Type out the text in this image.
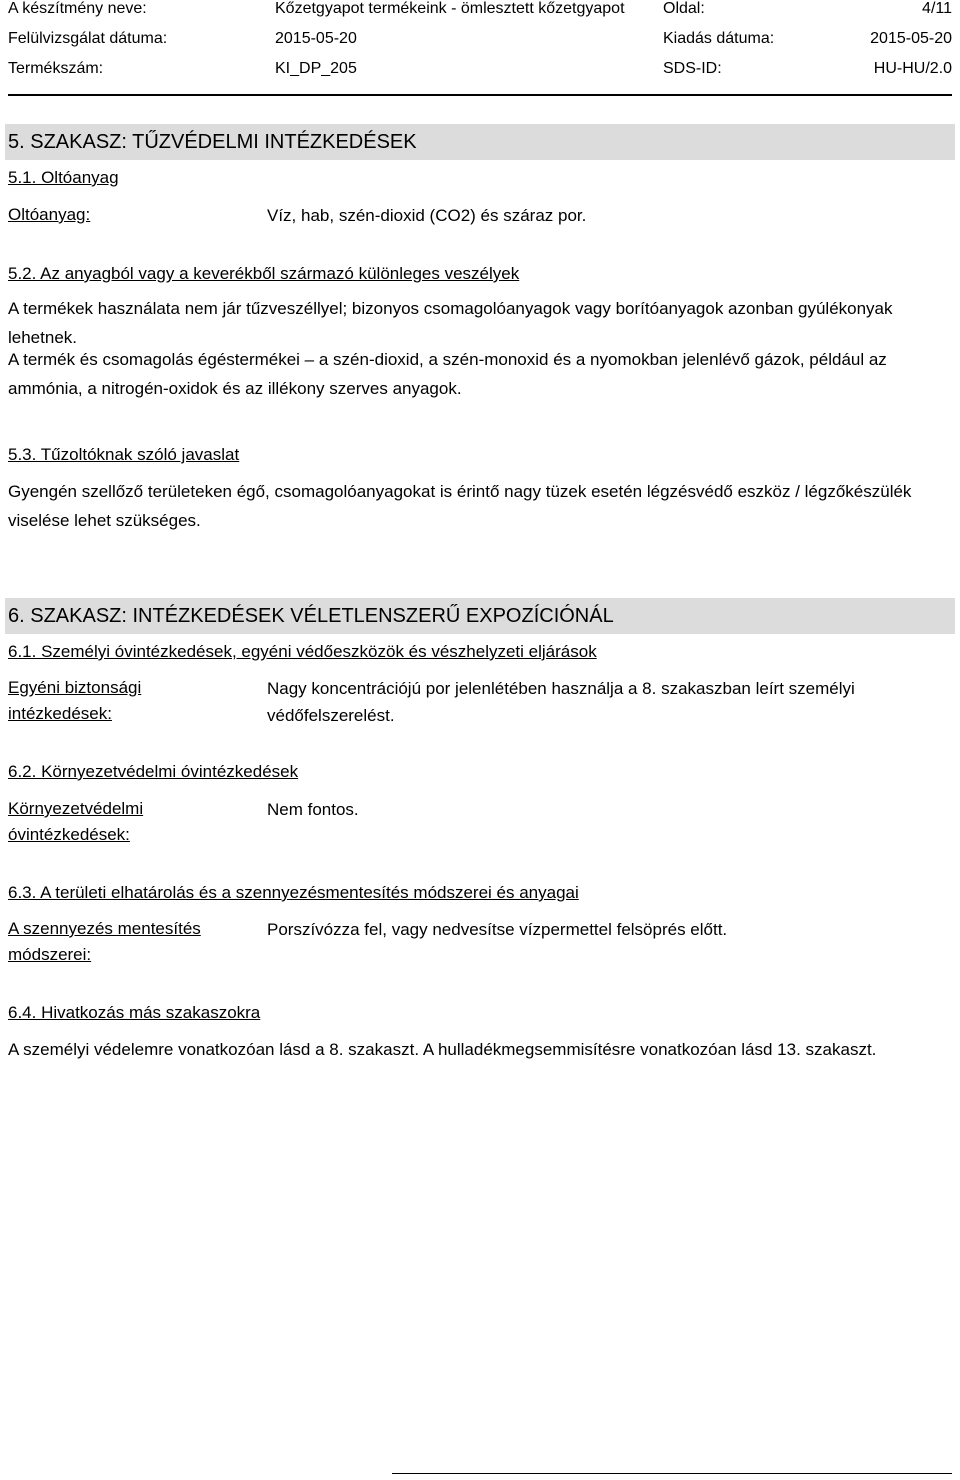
A készítmény neve:	Kőzetgyapot termékeink - ömlesztett kőzetgyapot Oldal:	4/11
Felülvizsgálat dátuma:	2015-05-20	Kiadás dátuma:	2015-05-20
Termékszám:	KI_DP_205	SDS-ID:	HU-HU/2.0
5. SZAKASZ: TŰZVÉDELMI INTÉZKEDÉSEK
5.1. Oltóanyag
Oltóanyag:	Víz, hab, szén-dioxid (CO2) és száraz por.
5.2. Az anyagból vagy a keverékből származó különleges veszélyek
A termékek használata nem jár tűzveszéllyel; bizonyos csomagolóanyagok vagy borítóanyagok azonban gyúlékonyak lehetnek.
A termék és csomagolás égéstermékei – a szén-dioxid, a szén-monoxid és a nyomokban jelenlévő gázok, például az ammónia, a nitrogén-oxidok és az illékony szerves anyagok.
5.3. Tűzoltóknak szóló javaslat
Gyengén szellőző területeken égő, csomagolóanyagokat is érintő nagy tüzek esetén légzésvédő eszköz / légzőkészülék viselése lehet szükséges.
6. SZAKASZ: INTÉZKEDÉSEK VÉLETLENSZERŰ EXPOZÍCIÓNÁL
6.1. Személyi óvintézkedések, egyéni védőeszközök és vészhelyzeti eljárások
Egyéni biztonsági intézkedések:
Nagy koncentrációjú por jelenlétében használja a 8. szakaszban leírt személyi védőfelszerelést.
6.2. Környezetvédelmi óvintézkedések
Környezetvédelmi óvintézkedések:
Nem fontos.
6.3. A területi elhatárolás és a szennyezésmentesítés módszerei és anyagai
A szennyezés mentesítés módszerei:
Porszívózza fel, vagy nedvesítse vízpermettel felsöprés előtt.
6.4. Hivatkozás más szakaszokra
A személyi védelemre vonatkozóan lásd a 8. szakaszt. A hulladékmegsemmisítésre vonatkozóan lásd 13. szakaszt.
